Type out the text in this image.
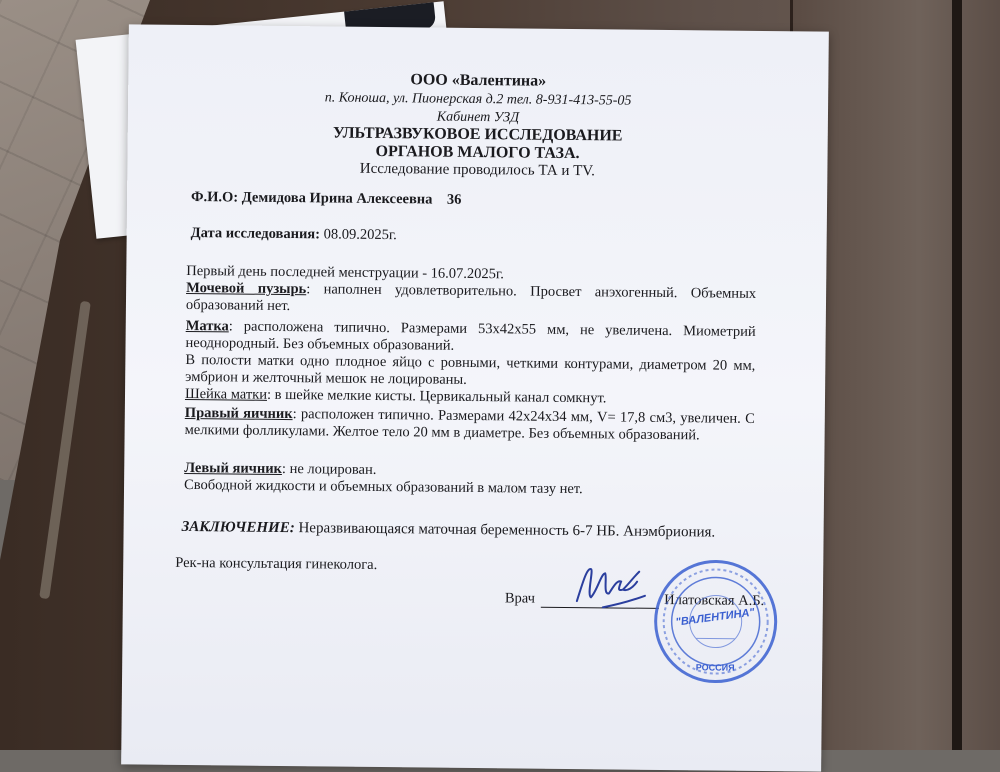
ООО «Валентина»
п. Коноша, ул. Пионерская д.2 тел. 8-931-413-55-05
Кабинет УЗД
УЛЬТРАЗВУКОВОЕ ИССЛЕДОВАНИЕ
ОРГАНОВ МАЛОГО ТАЗА.
Исследование проводилось ТА и TV.
Ф.И.О: Демидова Ирина Алексеевна 36
Дата исследования: 08.09.2025г.
Первый день последней менструации - 16.07.2025г.
Мочевой пузырь: наполнен удовлетворительно. Просвет анэхогенный. Объемных образований нет.
Матка: расположена типично. Размерами 53х42х55 мм, не увеличена. Миометрий неоднородный. Без объемных образований.
В полости матки одно плодное яйцо с ровными, четкими контурами, диаметром 20 мм, эмбрион и желточный мешок не лоцированы.
Шейка матки: в шейке мелкие кисты. Цервикальный канал сомкнут.
Правый яичник: расположен типично. Размерами 42х24х34 мм, V= 17,8 см3, увеличен. С мелкими фолликулами. Желтое тело 20 мм в диаметре. Без объемных образований.
Левый яичник: не лоцирован.
Свободной жидкости и объемных образований в малом тазу нет.
ЗАКЛЮЧЕНИЕ: Неразвивающаяся маточная беременность 6-7 НБ. Анэмбриония.
Рек-на консультация гинеколога.
Врач	Илатовская А.Б.
"ВАЛЕНТИНА"
РОССИЯ
